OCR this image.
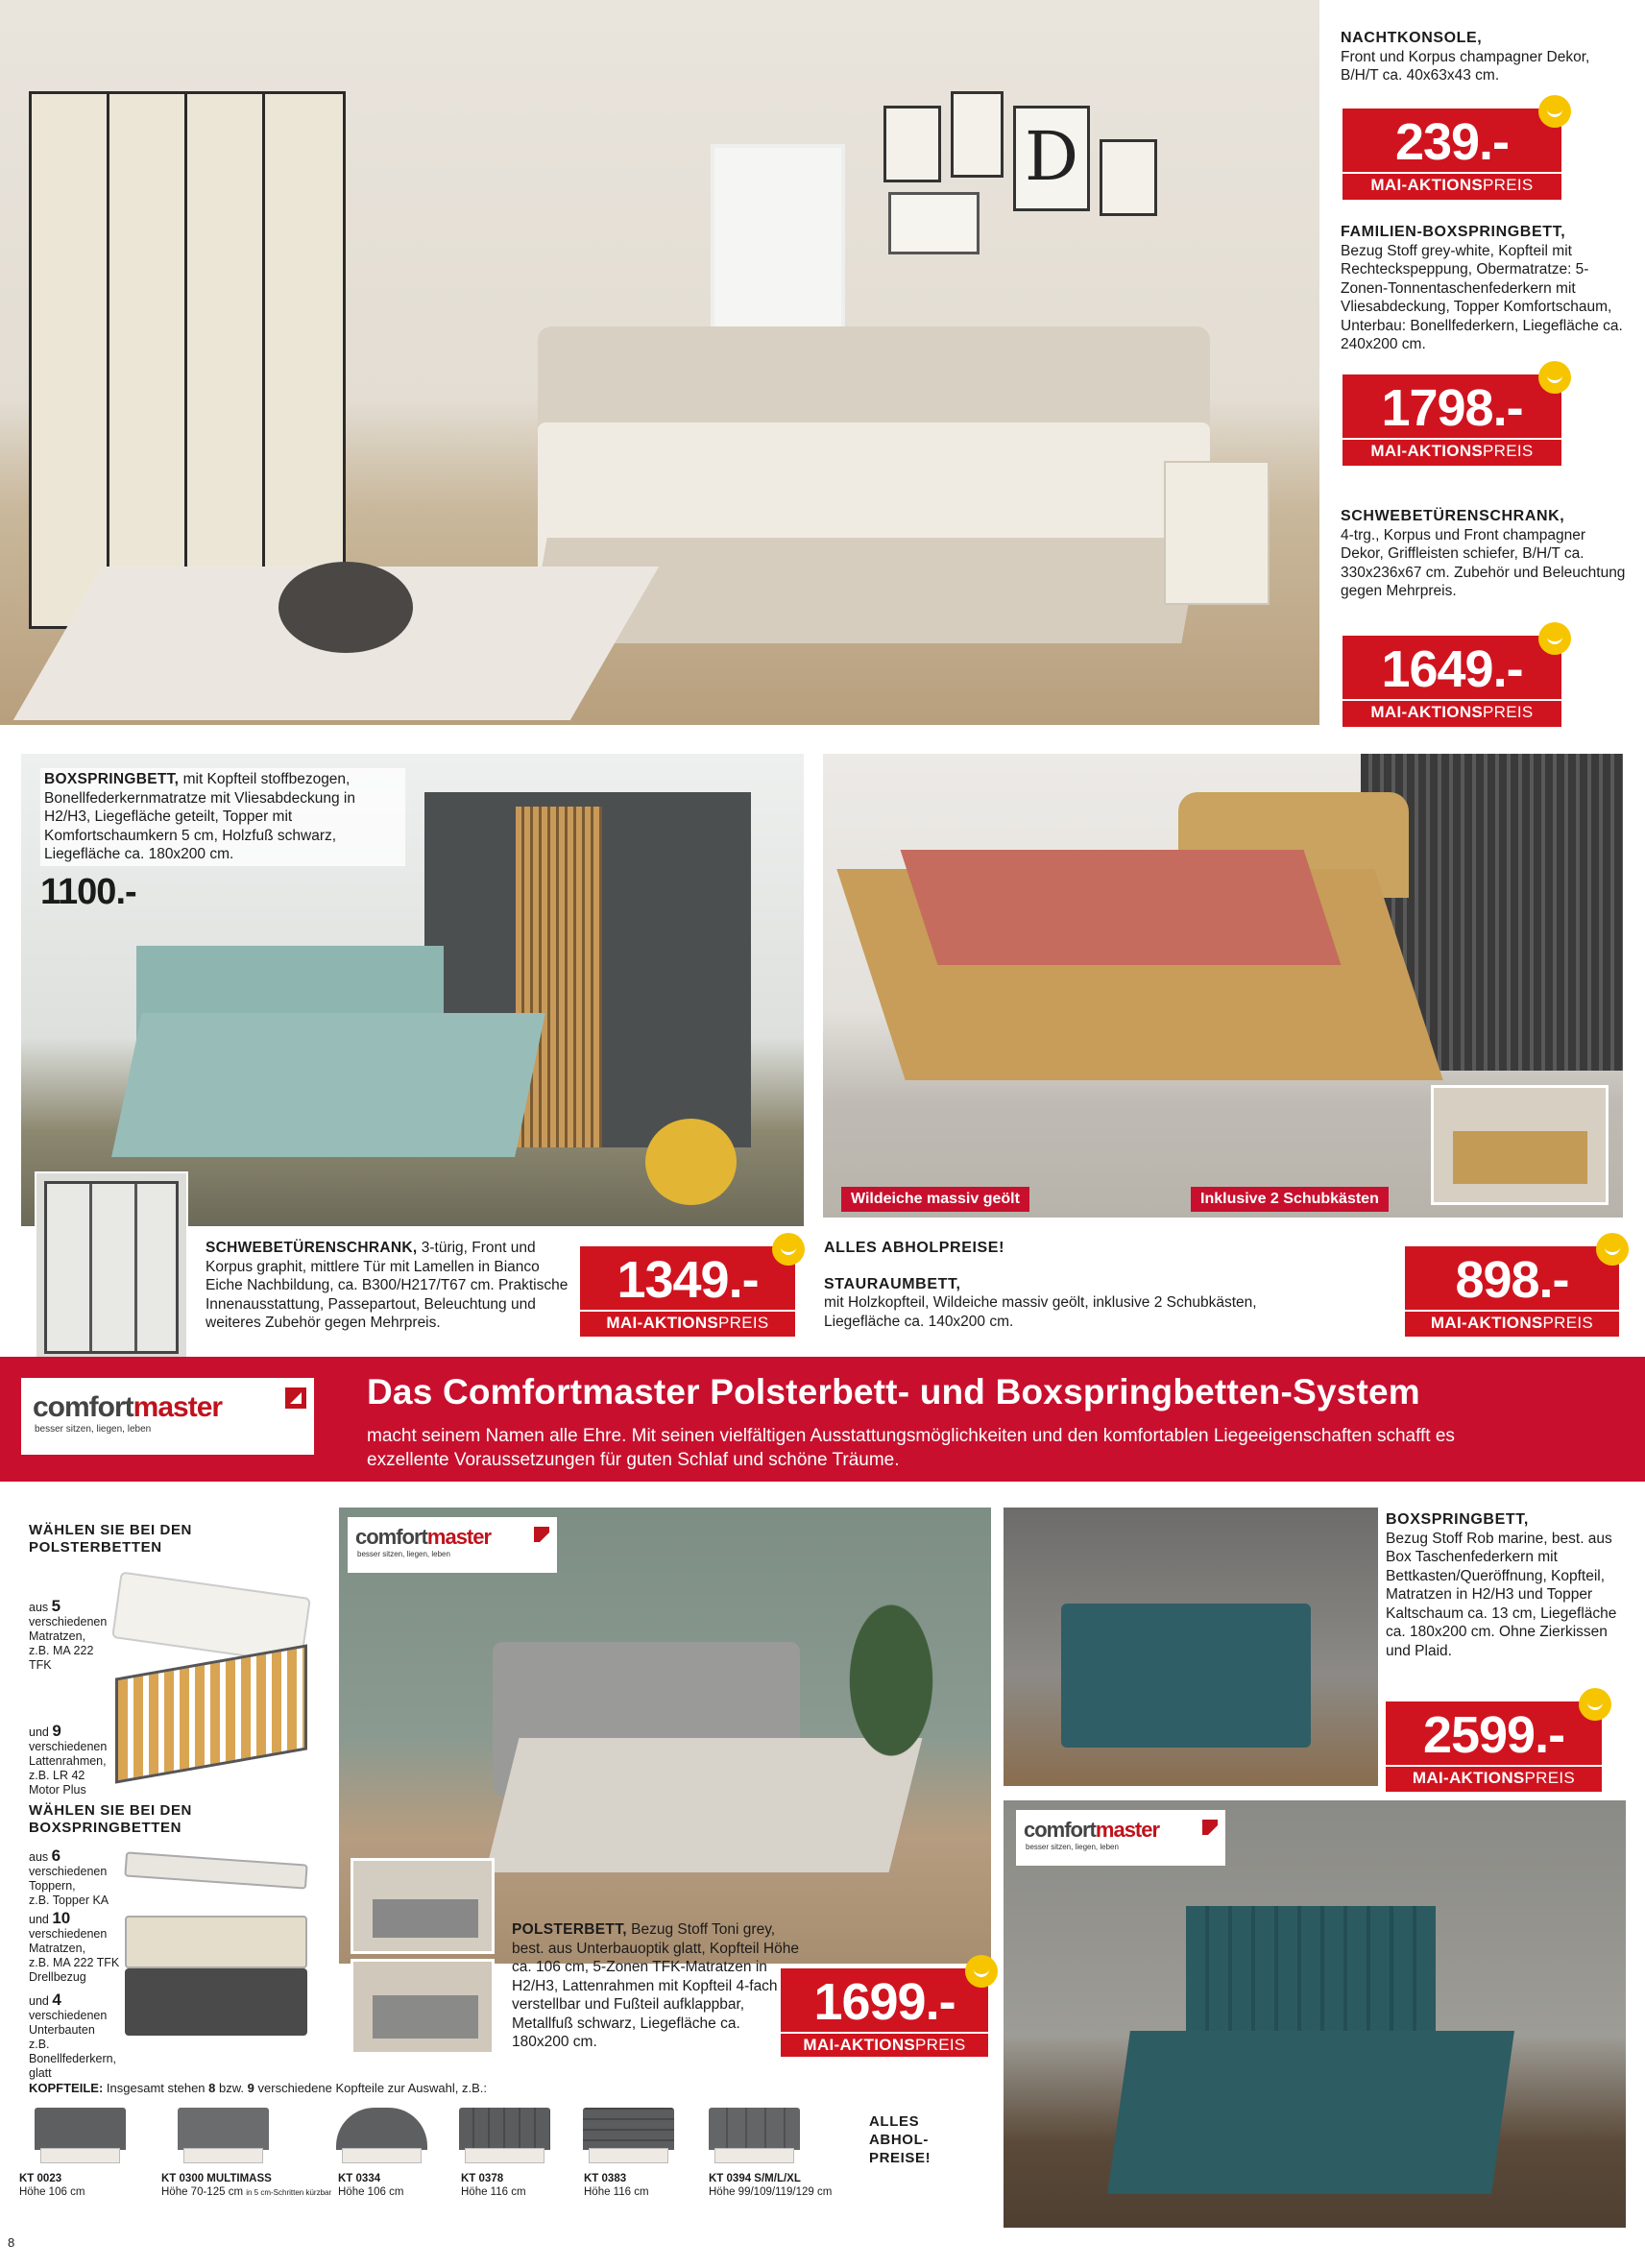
D
NACHTKONSOLE,
Front und Korpus champagner Dekor, B/H/T ca. 40x63x43 cm.
239.-
MAI-AKTIONSPREIS
FAMILIEN-BOXSPRINGBETT,
Bezug Stoff grey-white, Kopfteil mit Rechteckspeppung, Obermatratze: 5-Zonen-Tonnentaschenfederkern mit Vliesabdeckung, Topper Komfortschaum, Unterbau: Bonellfederkern, Liegefläche ca. 240x200 cm.
1798.-
MAI-AKTIONSPREIS
SCHWEBETÜRENSCHRANK,
4-trg., Korpus und Front champagner Dekor, Griffleisten schiefer, B/H/T ca. 330x236x67 cm. Zubehör und Beleuchtung gegen Mehrpreis.
1649.-
MAI-AKTIONSPREIS
BOXSPRINGBETT, mit Kopfteil stoffbezogen, Bonellfederkernmatratze mit Vliesabdeckung in H2/H3, Liegefläche geteilt, Topper mit Komfortschaumkern 5 cm, Holzfuß schwarz, Liegefläche ca. 180x200 cm.
1100.-
SCHWEBETÜRENSCHRANK, 3-türig, Front und Korpus graphit, mittlere Tür mit Lamellen in Bianco Eiche Nachbildung, ca. B300/H217/T67 cm. Praktische Innenausstattung, Passepartout, Beleuchtung und weiteres Zubehör gegen Mehrpreis.
1349.-
MAI-AKTIONSPREIS
Wildeiche massiv geölt	Inklusive 2 Schubkästen
ALLES ABHOLPREISE!
STAURAUMBETT,
mit Holzkopfteil, Wildeiche massiv geölt, inklusive 2 Schubkästen, Liegefläche ca. 140x200 cm.
898.-
MAI-AKTIONSPREIS
comfortmaster
besser sitzen, liegen, leben
Das Comfortmaster Polsterbett- und Boxspringbetten-System
macht seinem Namen alle Ehre. Mit seinen vielfältigen Ausstattungsmöglichkeiten und den komfortablen Liegeeigenschaften schafft es exzellente Voraussetzungen für guten Schlaf und schöne Träume.
WÄHLEN SIE BEI DEN POLSTERBETTEN
aus 5 verschiedenen Matratzen,
z.B. MA 222 TFK
und 9 verschiedenen Lattenrahmen,
z.B. LR 42 Motor Plus
WÄHLEN SIE BEI DEN BOXSPRINGBETTEN
aus 6 verschiedenen Toppern,
z.B. Topper KA
und 10 verschiedenen Matratzen,
z.B. MA 222 TFK Drellbezug
und 4 verschiedenen Unterbauten
z.B. Bonellfederkern, glatt
comfortmaster
besser sitzen, liegen, leben
POLSTERBETT, Bezug Stoff Toni grey, best. aus Unterbauoptik glatt, Kopfteil Höhe ca. 106 cm, 5-Zonen TFK-Matratzen in H2/H3, Lattenrahmen mit Kopfteil 4-fach verstellbar und Fußteil aufklappbar, Metallfuß schwarz, Liegefläche ca. 180x200 cm.
1699.-
MAI-AKTIONSPREIS
BOXSPRINGBETT,
Bezug Stoff Rob marine, best. aus Box Taschenfederkern mit Bettkasten/Queröffnung, Kopfteil, Matratzen in H2/H3 und Topper Kaltschaum ca. 13 cm, Liegefläche ca. 180x200 cm. Ohne Zierkissen und Plaid.
2599.-
MAI-AKTIONSPREIS
comfortmaster
besser sitzen, liegen, leben
KOPFTEILE: Insgesamt stehen 8 bzw. 9 verschiedene Kopfteile zur Auswahl, z.B.:
ALLES ABHOL- PREISE!
KT 0023
Höhe 106 cm
KT 0300 MULTIMASS
Höhe 70-125 cm in 5 cm-Schritten kürzbar
KT 0334
Höhe 106 cm
KT 0378
Höhe 116 cm
KT 0383
Höhe 116 cm
KT 0394 S/M/L/XL
Höhe 99/109/119/129 cm
8
